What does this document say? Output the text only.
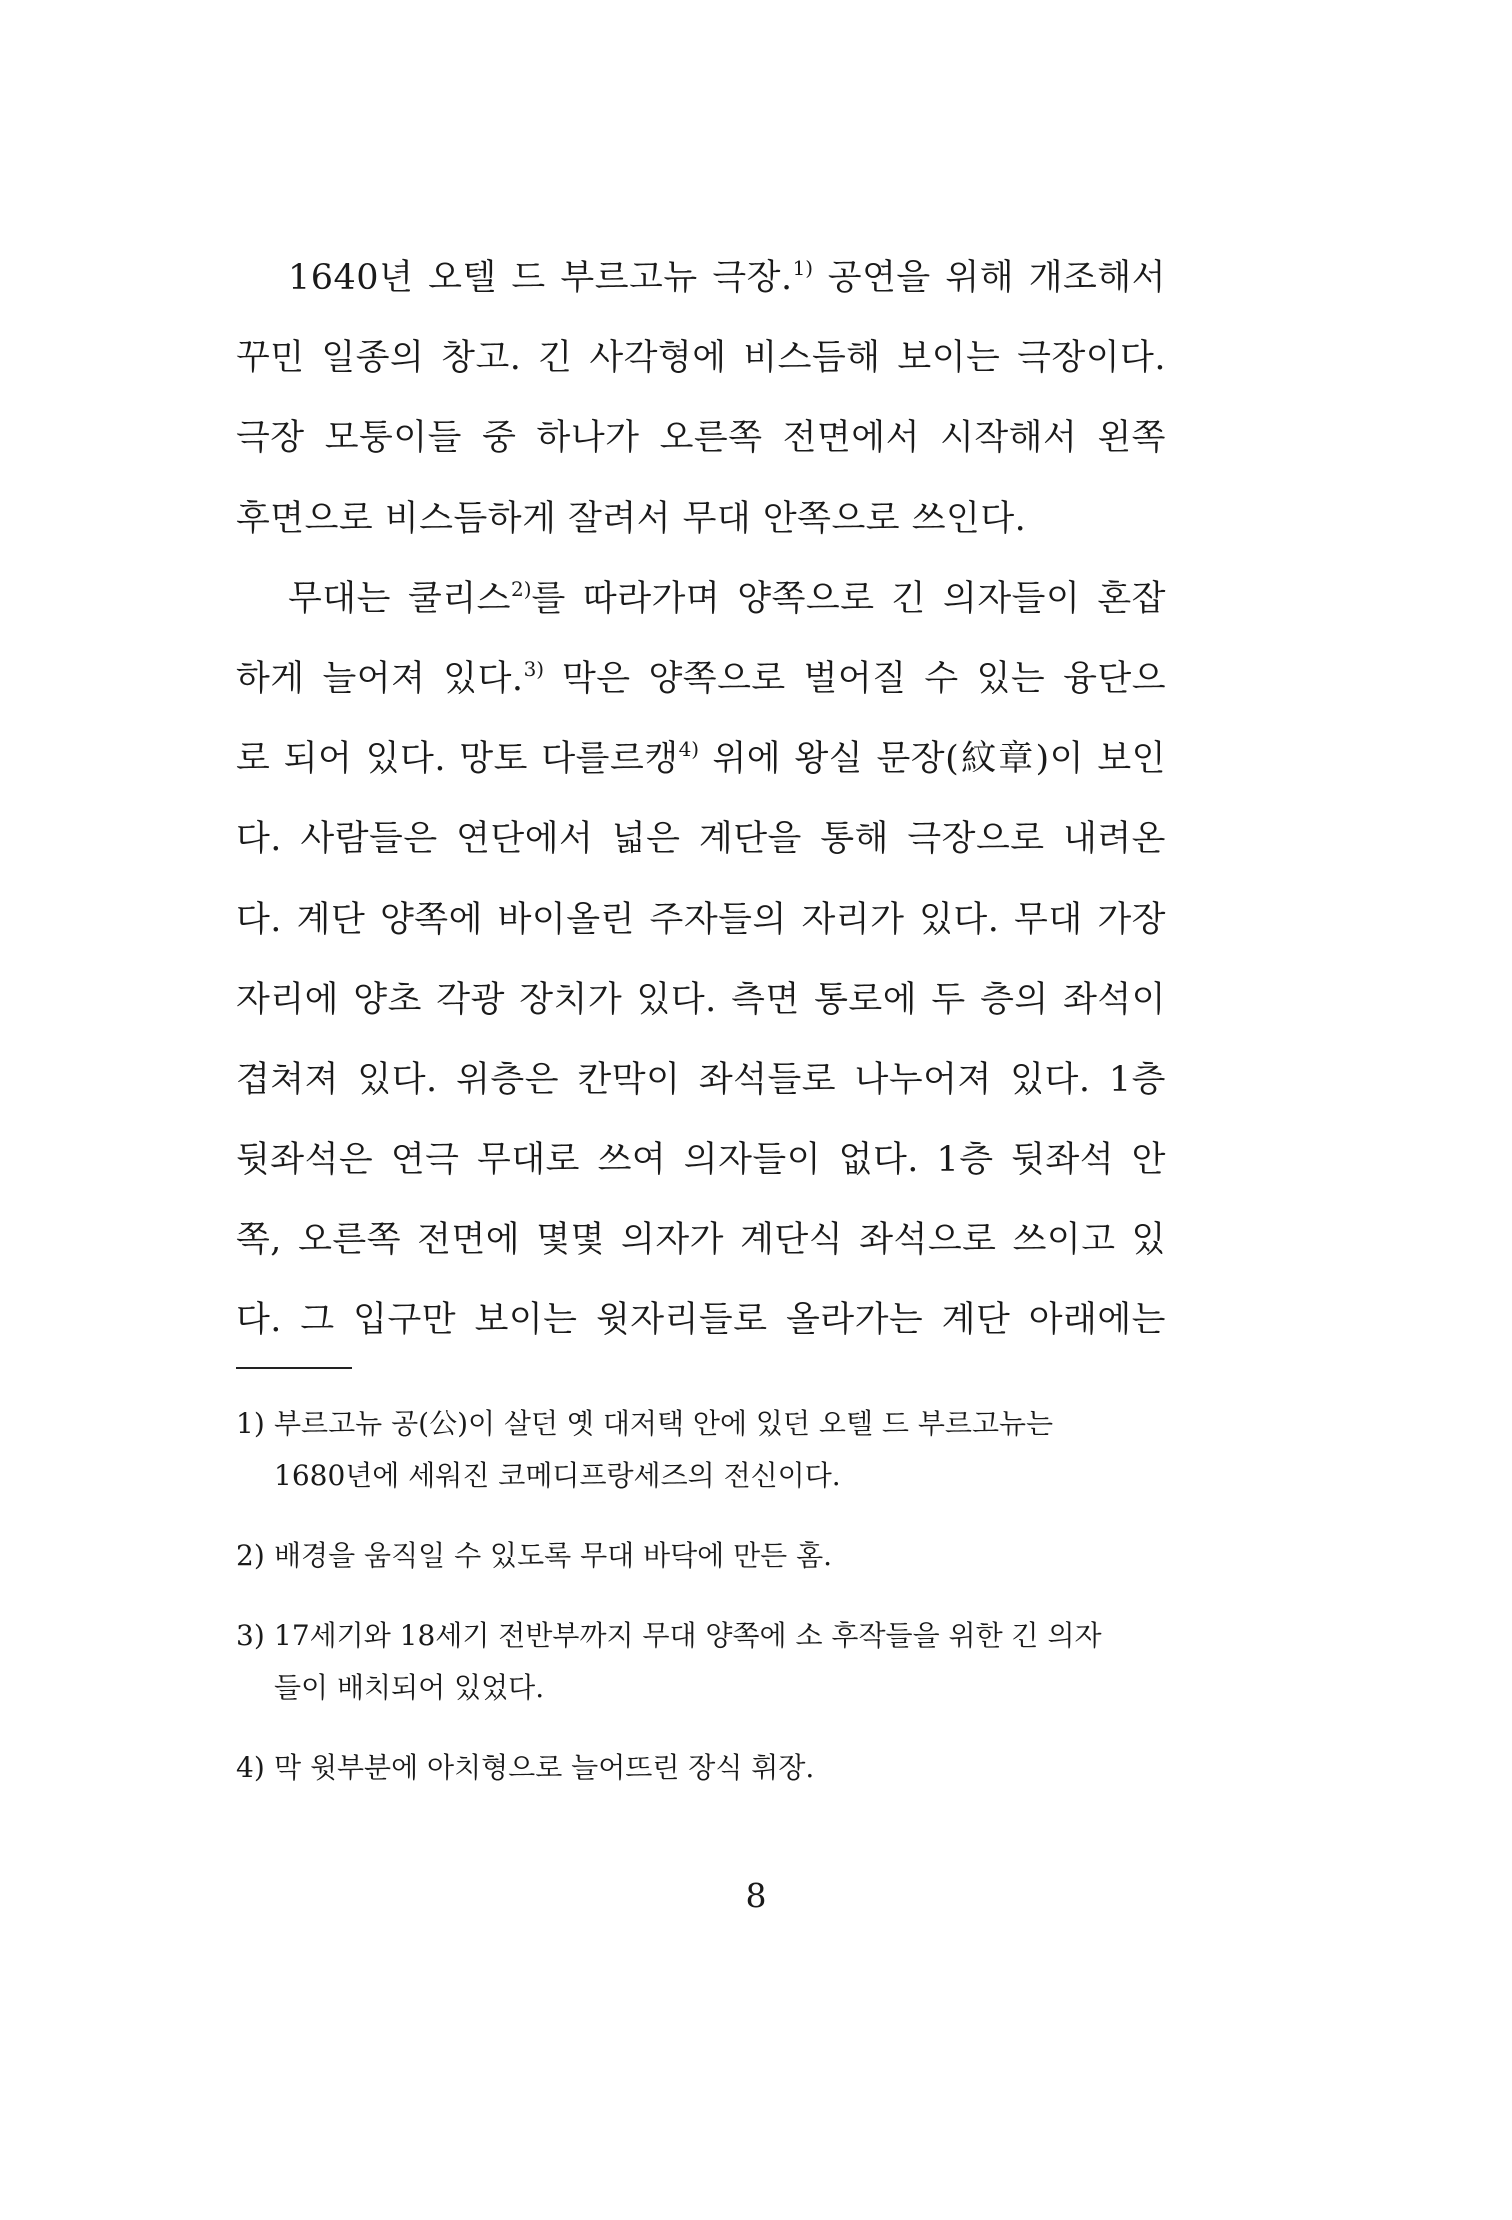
1640년 오텔 드 부르고뉴 극장.$^{1)}$ 공연을 위해 개조해서
꾸민 일종의 창고. 긴 사각형에 비스듬해 보이는 극장이다.
극장 모퉁이들 중 하나가 오른쪽 전면에서 시작해서 왼쪽
후면으로 비스듬하게 잘려서 무대 안쪽으로 쓰인다.
무대는 쿨리스$^{2)}$를 따라가며 양쪽으로 긴 의자들이 혼잡
하게 늘어져 있다.$^{3)}$ 막은 양쪽으로 벌어질 수 있는 융단으
로 되어 있다. 망토 다를르캥$^{4)}$ 위에 왕실 문장(紋章)이 보인
다. 사람들은 연단에서 넓은 계단을 통해 극장으로 내려온
다. 계단 양쪽에 바이올린 주자들의 자리가 있다. 무대 가장
자리에 양초 각광 장치가 있다. 측면 통로에 두 층의 좌석이
겹쳐져 있다. 위층은 칸막이 좌석들로 나누어져 있다. 1층
뒷좌석은 연극 무대로 쓰여 의자들이 없다. 1층 뒷좌석 안
쪽, 오른쪽 전면에 몇몇 의자가 계단식 좌석으로 쓰이고 있
다. 그 입구만 보이는 윗자리들로 올라가는 계단 아래에는
1) 부르고뉴 공(公)이 살던 옛 대저택 안에 있던 오텔 드 부르고뉴는
1680년에 세워진 코메디프랑세즈의 전신이다.
2) 배경을 움직일 수 있도록 무대 바닥에 만든 홈.
3) 17세기와 18세기 전반부까지 무대 양쪽에 소 후작들을 위한 긴 의자
들이 배치되어 있었다.
4) 막 윗부분에 아치형으로 늘어뜨린 장식 휘장.
8
